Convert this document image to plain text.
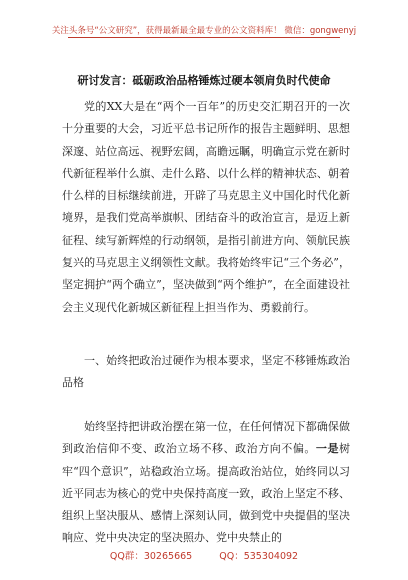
关注头条号“公文研究”，获得最新最全最专业的公文资料库！ 微信：gongwenyj
研讨发言：砥砺政治品格锤炼过硬本领肩负时代使命

党的XX大是在“两个一百年”的历史交汇期召开的一次十分重要的大会，习近平总书记所作的报告主题鲜明、思想深邃、站位高远、视野宏阔，高瞻远瞩，明确宣示党在新时代新征程举什么旗、走什么路、以什么样的精神状态、朝着什么样的目标继续前进，开辟了马克思主义中国化时代化新境界，是我们党高举旗帜、团结奋斗的政治宣言，是迈上新征程、续写新辉煌的行动纲领，是指引前进方向、领航民族复兴的马克思主义纲领性文献。我将始终牢记“三个务必”，坚定拥护“两个确立”，坚决做到“两个维护”，在全面建设社会主义现代化新城区新征程上担当作为、勇毅前行。

一、始终把政治过硬作为根本要求，坚定不移锤炼政治品格

始终坚持把讲政治摆在第一位，在任何情况下都确保做到政治信仰不变、政治立场不移、政治方向不偏。一是树牢“四个意识”，站稳政治立场。提高政治站位，始终同以习近平同志为核心的党中央保持高度一致，政治上坚定不移、组织上坚决服从、感情上深刻认同，做到党中央提倡的坚决响应、党中央决定的坚决照办、党中央禁止的

QQ群：30265665	QQ：535304092
